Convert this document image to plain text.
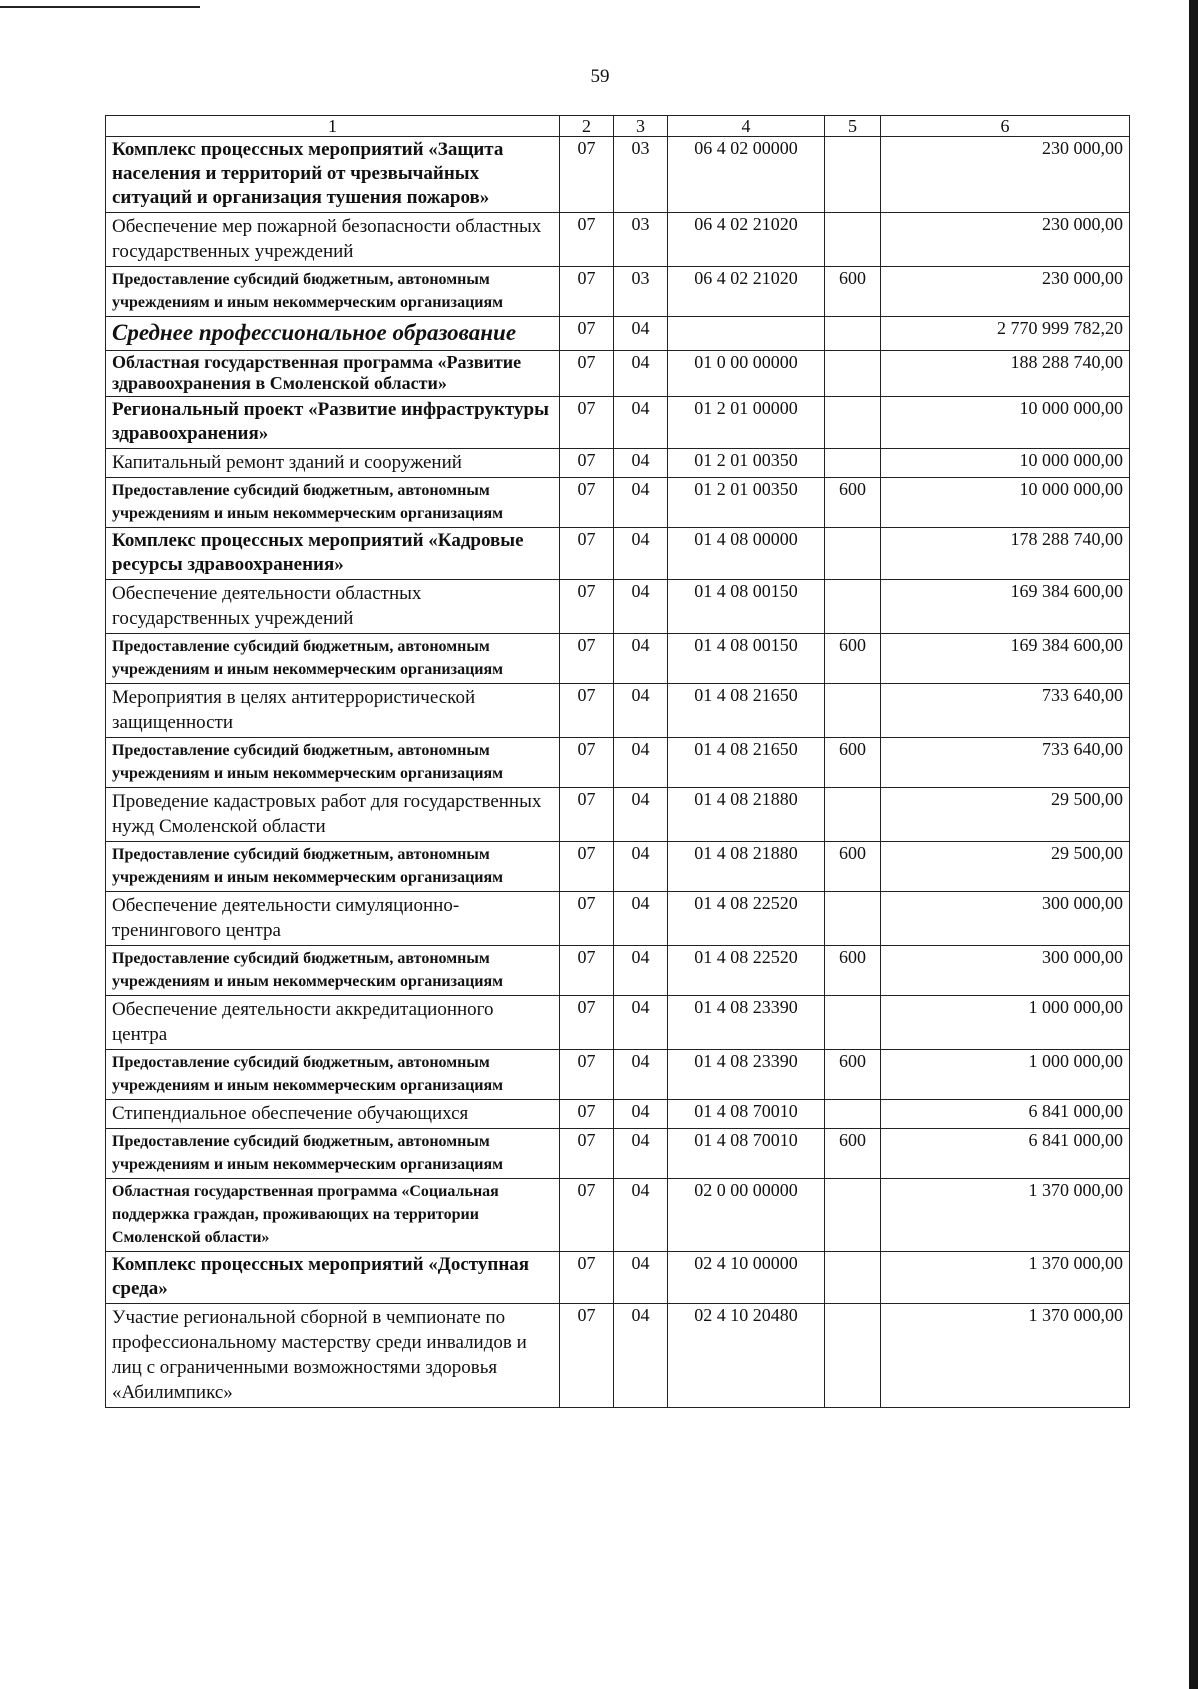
59
1	2	3	4	5	6
Комплекс процессных мероприятий «Защита населения и территорий от чрезвычайных ситуаций и организация тушения пожаров»	07	03	06 4 02 00000		230 000,00
Обеспечение мер пожарной безопасности областных государственных учреждений	07	03	06 4 02 21020		230 000,00
Предоставление субсидий бюджетным, автономным учреждениям и иным некоммерческим организациям	07	03	06 4 02 21020	600	230 000,00
Среднее профессиональное образование	07	04			2 770 999 782,20
Областная государственная программа «Развитие здравоохранения в Смоленской области»	07	04	01 0 00 00000		188 288 740,00
Региональный проект «Развитие инфраструктуры здравоохранения»	07	04	01 2 01 00000		10 000 000,00
Капитальный ремонт зданий и сооружений	07	04	01 2 01 00350		10 000 000,00
Предоставление субсидий бюджетным, автономным учреждениям и иным некоммерческим организациям	07	04	01 2 01 00350	600	10 000 000,00
Комплекс процессных мероприятий «Кадровые ресурсы здравоохранения»	07	04	01 4 08 00000		178 288 740,00
Обеспечение деятельности областных государственных учреждений	07	04	01 4 08 00150		169 384 600,00
Предоставление субсидий бюджетным, автономным учреждениям и иным некоммерческим организациям	07	04	01 4 08 00150	600	169 384 600,00
Мероприятия в целях антитеррористической защищенности	07	04	01 4 08 21650		733 640,00
Предоставление субсидий бюджетным, автономным учреждениям и иным некоммерческим организациям	07	04	01 4 08 21650	600	733 640,00
Проведение кадастровых работ для государственных нужд Смоленской области	07	04	01 4 08 21880		29 500,00
Предоставление субсидий бюджетным, автономным учреждениям и иным некоммерческим организациям	07	04	01 4 08 21880	600	29 500,00
Обеспечение деятельности симуляционно-тренингового центра	07	04	01 4 08 22520		300 000,00
Предоставление субсидий бюджетным, автономным учреждениям и иным некоммерческим организациям	07	04	01 4 08 22520	600	300 000,00
Обеспечение деятельности аккредитационного центра	07	04	01 4 08 23390		1 000 000,00
Предоставление субсидий бюджетным, автономным учреждениям и иным некоммерческим организациям	07	04	01 4 08 23390	600	1 000 000,00
Стипендиальное обеспечение обучающихся	07	04	01 4 08 70010		6 841 000,00
Предоставление субсидий бюджетным, автономным учреждениям и иным некоммерческим организациям	07	04	01 4 08 70010	600	6 841 000,00
Областная государственная программа «Социальная поддержка граждан, проживающих на территории Смоленской области»	07	04	02 0 00 00000		1 370 000,00
Комплекс процессных мероприятий «Доступная среда»	07	04	02 4 10 00000		1 370 000,00
Участие региональной сборной в чемпионате по профессиональному мастерству среди инвалидов и лиц с ограниченными возможностями здоровья «Абилимпикс»	07	04	02 4 10 20480		1 370 000,00
